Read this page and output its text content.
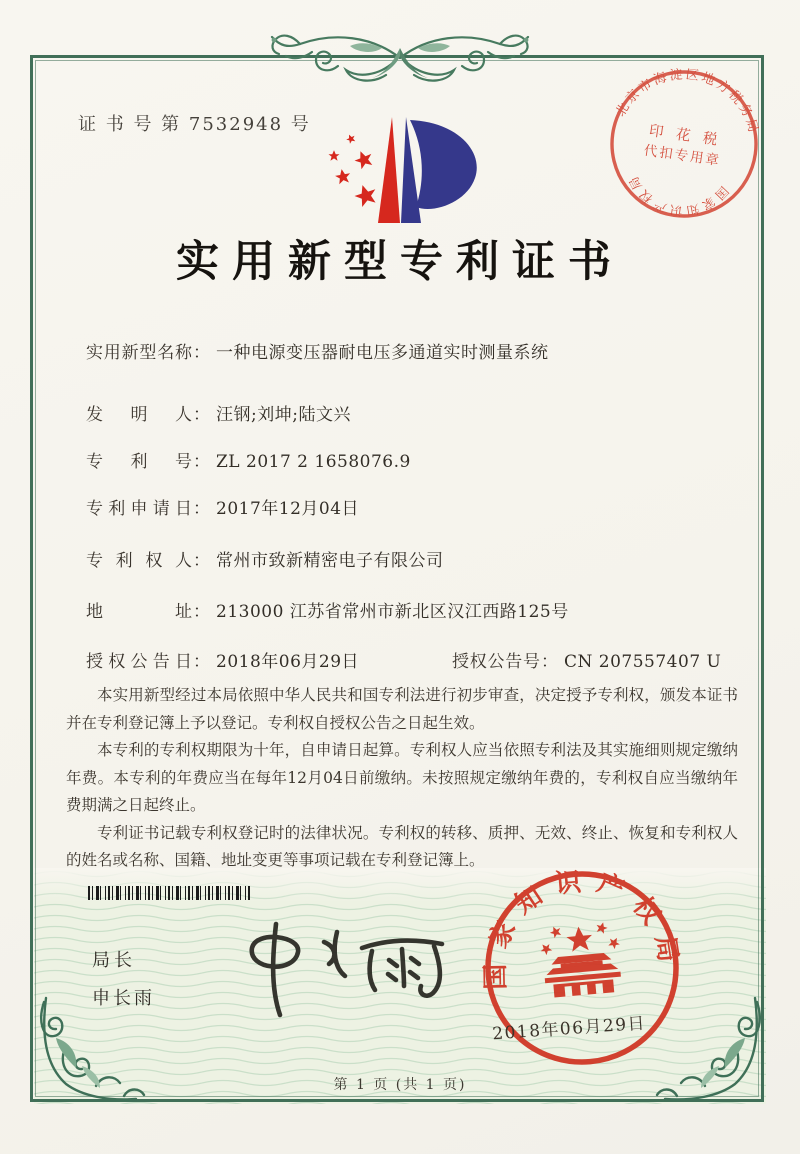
证 书 号 第 7532948 号
实用新型专利证书
实用新型名称： 一种电源变压器耐电压多通道实时测量系统
发明人： 汪钢;刘坤;陆文兴
专利号： ZL 2017 2 1658076.9
专利申请日： 2017年12月04日
专利权人： 常州市致新精密电子有限公司
地址： 213000 江苏省常州市新北区汉江西路125号
授权公告日： 2018年06月29日	授权公告号： CN 207557407 U

本实用新型经过本局依照中华人民共和国专利法进行初步审查，决定授予专利权，颁发本证书并在专利登记簿上予以登记。专利权自授权公告之日起生效。

本专利的专利权期限为十年，自申请日起算。专利权人应当依照专利法及其实施细则规定缴纳年费。本专利的年费应当在每年12月04日前缴纳。未按照规定缴纳年费的，专利权自应当缴纳年费期满之日起终止。

专利证书记载专利权登记时的法律状况。专利权的转移、质押、无效、终止、恢复和专利权人的姓名或名称、国籍、地址变更等事项记载在专利登记簿上。

局长
申长雨
北京市海淀区地方税务局
国家知识产权局
印 花 税
代扣专用章
国家知识产权局
2018年06月29日
第 1 页 (共 1 页)
